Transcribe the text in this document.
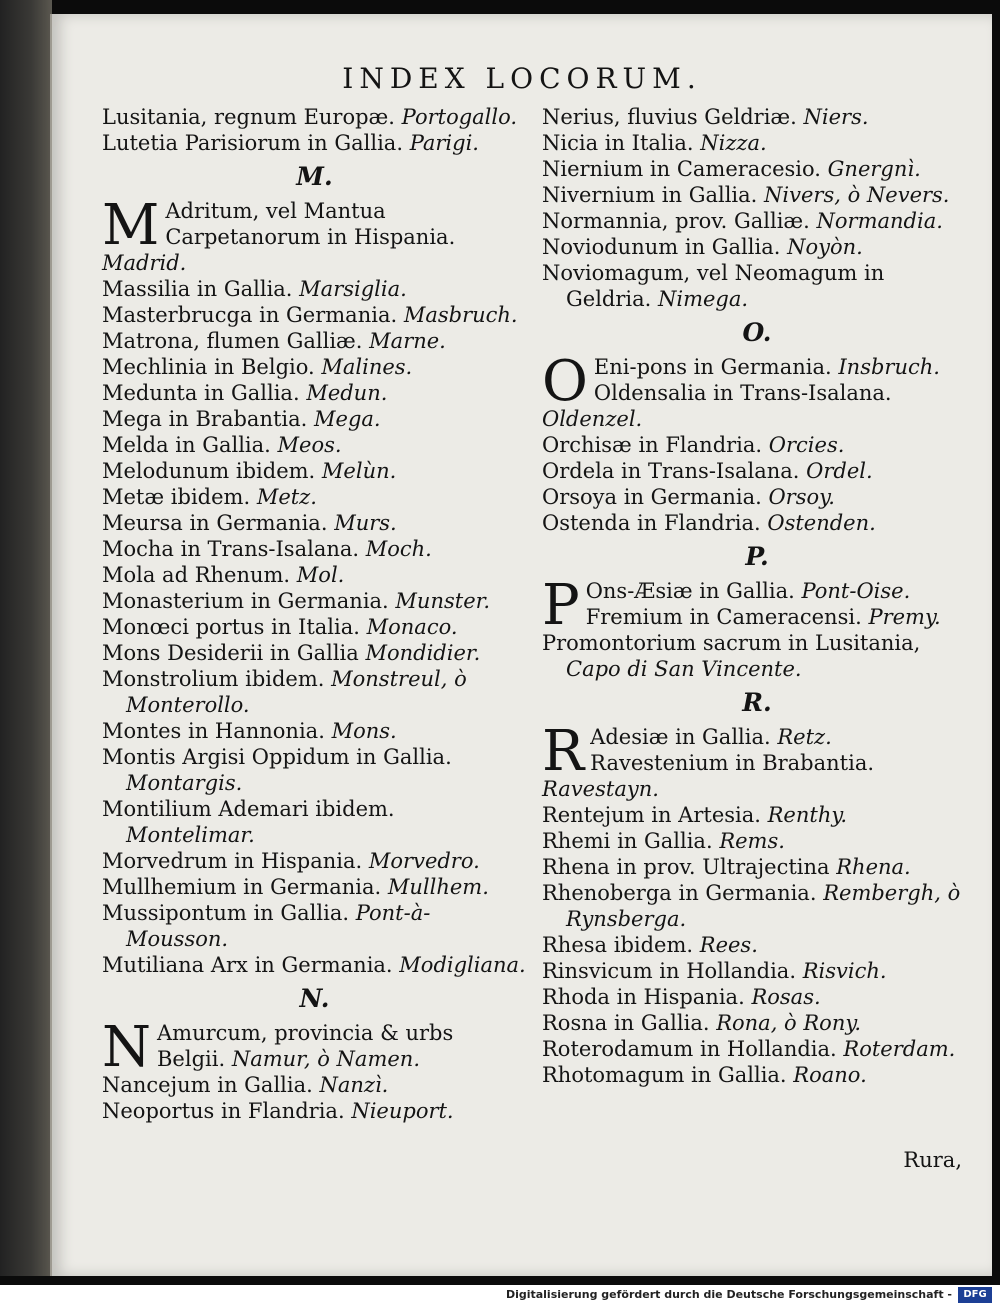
INDEX LOCORUM.
Lusitania, regnum Europæ. Portogallo.
Lutetia Parisiorum in Gallia. Parigi.
M.
M Adritum, vel Mantua Carpetanorum in Hispania. Madrid.
Massilia in Gallia. Marsiglia.
Masterbrucga in Germania. Masbruch.
Matrona, flumen Galliæ. Marne.
Mechlinia in Belgio. Malines.
Medunta in Gallia. Medun.
Mega in Brabantia. Mega.
Melda in Gallia. Meos.
Melodunum ibidem. Melùn.
Metæ ibidem. Metz.
Meursa in Germania. Murs.
Mocha in Trans-Isalana. Moch.
Mola ad Rhenum. Mol.
Monasterium in Germania. Munster.
Monœci portus in Italia. Monaco.
Mons Desiderii in Gallia Mondidier.
Monstrolium ibidem. Monstreul, ò Monterollo.
Montes in Hannonia. Mons.
Montis Argisi Oppidum in Gallia. Montargis.
Montilium Ademari ibidem. Montelimar.
Morvedrum in Hispania. Morvedro.
Mullhemium in Germania. Mullhem.
Mussipontum in Gallia. Pont-à-Mousson.
Mutiliana Arx in Germania. Modigliana.
N.
N Amurcum, provincia & urbs Belgii. Namur, ò Namen.
Nancejum in Gallia. Nanzì.
Neoportus in Flandria. Nieuport.
Nerius, fluvius Geldriæ. Niers.
Nicia in Italia. Nizza.
Niernium in Cameracesio. Gnergnì.
Nivernium in Gallia. Nivers, ò Nevers.
Normannia, prov. Galliæ. Normandia.
Noviodunum in Gallia. Noyòn.
Noviomagum, vel Neomagum in Geldria. Nimega.
O.
O Eni-pons in Germania. Insbruch.
Oldensalia in Trans-Isalana. Oldenzel.
Orchisæ in Flandria. Orcies.
Ordela in Trans-Isalana. Ordel.
Orsoya in Germania. Orsoy.
Ostenda in Flandria. Ostenden.
P.
P Ons-Æsiæ in Gallia. Pont-Oise.
Fremium in Cameracensi. Premy.
Promontorium sacrum in Lusitania, Capo di San Vincente.
R.
R Adesiæ in Gallia. Retz.
Ravestenium in Brabantia. Ravestayn.
Rentejum in Artesia. Renthy.
Rhemi in Gallia. Rems.
Rhena in prov. Ultrajectina Rhena.
Rhenoberga in Germania. Rembergh, ò Rynsberga.
Rhesa ibidem. Rees.
Rinsvicum in Hollandia. Risvich.
Rhoda in Hispania. Rosas.
Rosna in Gallia. Rona, ò Rony.
Roterodamum in Hollandia. Roterdam.
Rhotomagum in Gallia. Roano.
Rura,
Digitalisierung gefördert durch die Deutsche Forschungsgemeinschaft -	DFG
